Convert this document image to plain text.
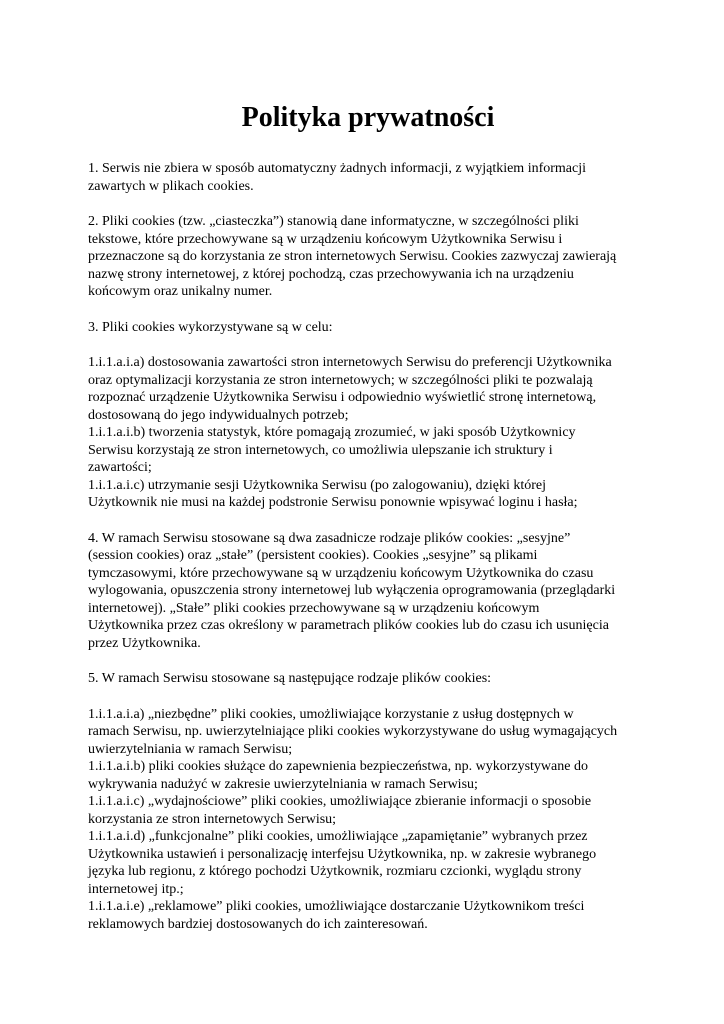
Polityka prywatności
1. Serwis nie zbiera w sposób automatyczny żadnych informacji, z wyjątkiem informacji
zawartych w plikach cookies.
2. Pliki cookies (tzw. „ciasteczka”) stanowią dane informatyczne, w szczególności pliki
tekstowe, które przechowywane są w urządzeniu końcowym Użytkownika Serwisu i
przeznaczone są do korzystania ze stron internetowych Serwisu. Cookies zazwyczaj zawierają
nazwę strony internetowej, z której pochodzą, czas przechowywania ich na urządzeniu
końcowym oraz unikalny numer.
3. Pliki cookies wykorzystywane są w celu:
1.i.1.a.i.a) dostosowania zawartości stron internetowych Serwisu do preferencji Użytkownika
oraz optymalizacji korzystania ze stron internetowych; w szczególności pliki te pozwalają
rozpoznać urządzenie Użytkownika Serwisu i odpowiednio wyświetlić stronę internetową,
dostosowaną do jego indywidualnych potrzeb;
1.i.1.a.i.b) tworzenia statystyk, które pomagają zrozumieć, w jaki sposób Użytkownicy
Serwisu korzystają ze stron internetowych, co umożliwia ulepszanie ich struktury i
zawartości;
1.i.1.a.i.c) utrzymanie sesji Użytkownika Serwisu (po zalogowaniu), dzięki której
Użytkownik nie musi na każdej podstronie Serwisu ponownie wpisywać loginu i hasła;
4. W ramach Serwisu stosowane są dwa zasadnicze rodzaje plików cookies: „sesyjne”
(session cookies) oraz „stałe” (persistent cookies). Cookies „sesyjne” są plikami
tymczasowymi, które przechowywane są w urządzeniu końcowym Użytkownika do czasu
wylogowania, opuszczenia strony internetowej lub wyłączenia oprogramowania (przeglądarki
internetowej). „Stałe” pliki cookies przechowywane są w urządzeniu końcowym
Użytkownika przez czas określony w parametrach plików cookies lub do czasu ich usunięcia
przez Użytkownika.
5. W ramach Serwisu stosowane są następujące rodzaje plików cookies:
1.i.1.a.i.a) „niezbędne” pliki cookies, umożliwiające korzystanie z usług dostępnych w
ramach Serwisu, np. uwierzytelniające pliki cookies wykorzystywane do usług wymagających
uwierzytelniania w ramach Serwisu;
1.i.1.a.i.b) pliki cookies służące do zapewnienia bezpieczeństwa, np. wykorzystywane do
wykrywania nadużyć w zakresie uwierzytelniania w ramach Serwisu;
1.i.1.a.i.c) „wydajnościowe” pliki cookies, umożliwiające zbieranie informacji o sposobie
korzystania ze stron internetowych Serwisu;
1.i.1.a.i.d) „funkcjonalne” pliki cookies, umożliwiające „zapamiętanie” wybranych przez
Użytkownika ustawień i personalizację interfejsu Użytkownika, np. w zakresie wybranego
języka lub regionu, z którego pochodzi Użytkownik, rozmiaru czcionki, wyglądu strony
internetowej itp.;
1.i.1.a.i.e) „reklamowe” pliki cookies, umożliwiające dostarczanie Użytkownikom treści
reklamowych bardziej dostosowanych do ich zainteresowań.
